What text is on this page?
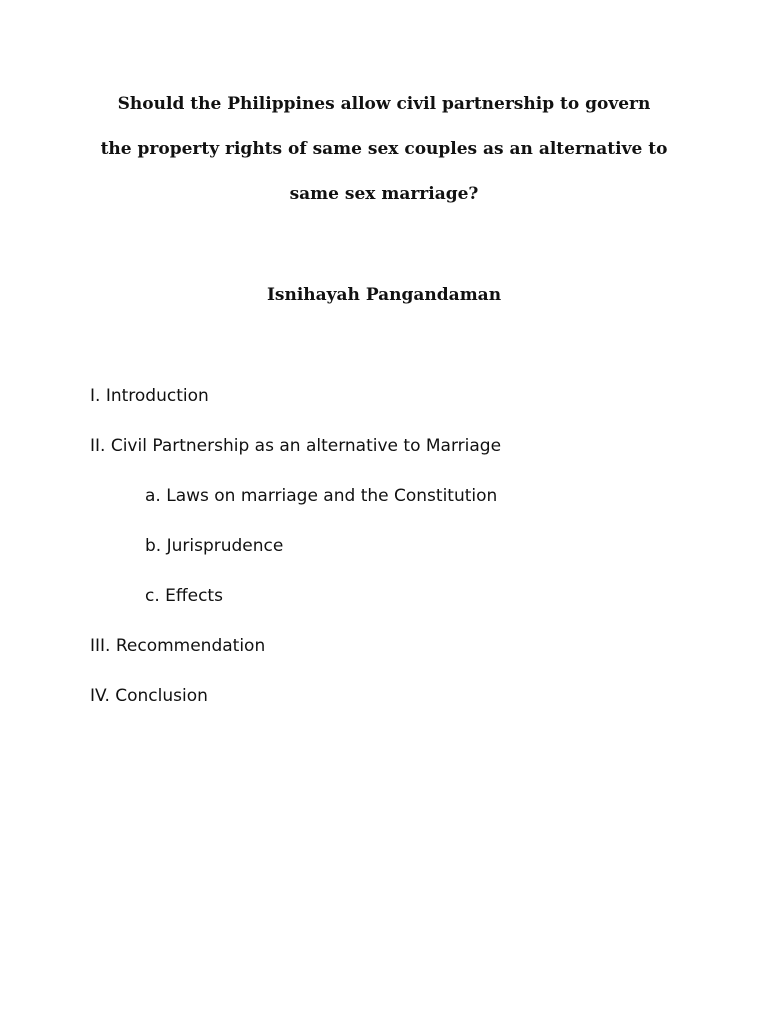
Should the Philippines allow civil partnership to govern
the property rights of same sex couples as an alternative to
same sex marriage?
Isnihayah Pangandaman
I. Introduction
II. Civil Partnership as an alternative to Marriage
a. Laws on marriage and the Constitution
b. Jurisprudence
c. Effects
III. Recommendation
IV. Conclusion
